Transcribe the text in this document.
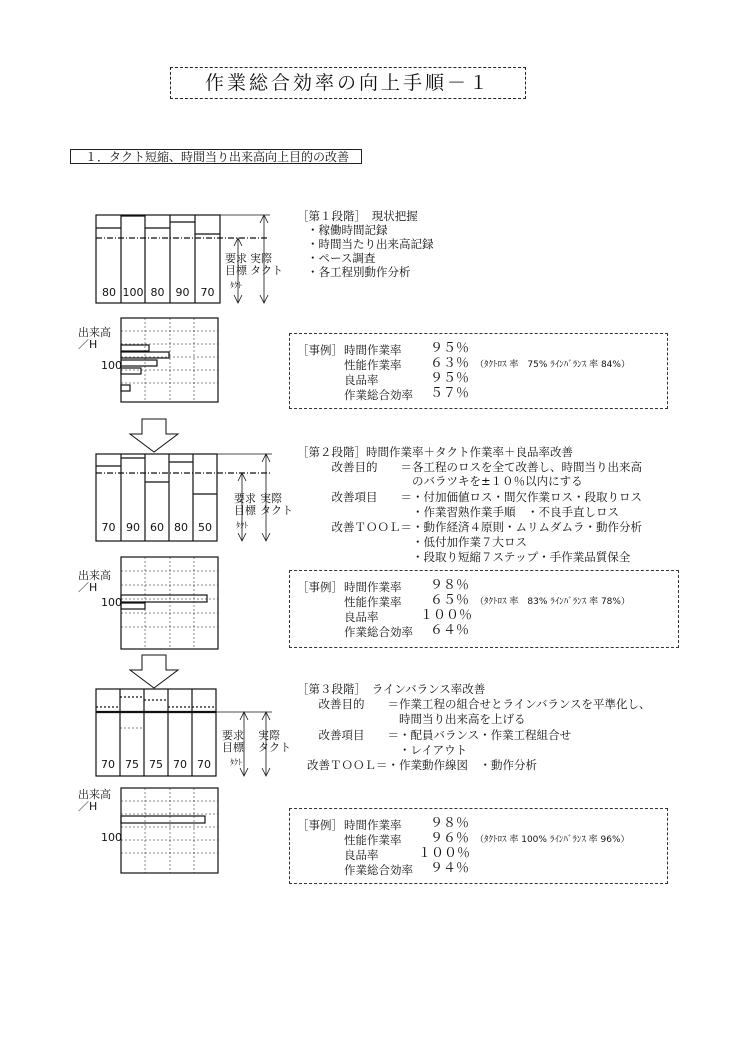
作業総合効率の向上手順－１
１．タクト短縮、時間当り出来高向上目的の改善
80 100 80	90	70
要求
目標
実際
タクト
ﾀｸﾄ
出来高
／H
100
［第１段階］　現状把握
・稼働時間記録
・時間当たり出来高記録
・ペース調査
・各工程別動作分析
［事例］ 時間作業率 ９５％
性能作業率 ６３％ （ﾀｸﾄﾛｽ 率　75% ﾗｲﾝﾊﾞﾗﾝｽ 率 84%）
良品率	９５％
作業総合効率 ５７％
70 90 60 80 50
要求
目標
実際
タクト
ﾀｸﾄ
出来高
／H
100
［第２段階］時間作業率＋タクト作業率＋良品率改善
　　　改善目的　　＝各工程のロスを全て改善し、時間当り出来高
　　　　　　　　　　のバラツキを±１０％以内にする
　　　改善項目　　＝・付加価値ロス・間欠作業ロス・段取りロス
　　　　　　　　　　・作業習熟作業手順　・不良手直しロス
　　　改善ＴＯＯＬ＝・動作経済４原則・ムリムダムラ・動作分析
　　　　　　　　　　・低付加作業７大ロス
　　　　　　　　　　・段取り短縮７ステップ・手作業品質保全
［事例］ 時間作業率 ９８％
性能作業率 ６５％ （ﾀｸﾄﾛｽ 率　83% ﾗｲﾝﾊﾞﾗﾝｽ 率 78%）
良品率	１００％
作業総合効率 ６４％
70 75 75 70 70
要求
目標
実際
タクト
ﾀｸﾄ
出来高
／H
100
［第３段階］　ラインバランス率改善
　改善目的　　＝作業工程の組合せとラインバランスを平準化し、
　　　　　　　　時間当り出来高を上げる
　改善項目　　＝・配員バランス・作業工程組合せ
　　　　　　　　・レイアウト
改善ＴＯＯＬ＝・作業動作線図　・動作分析
［事例］ 時間作業率 ９８％
性能作業率 ９６％ （ﾀｸﾄﾛｽ 率 100% ﾗｲﾝﾊﾞﾗﾝｽ 率 96%）
良品率	１００％
作業総合効率 ９４％
